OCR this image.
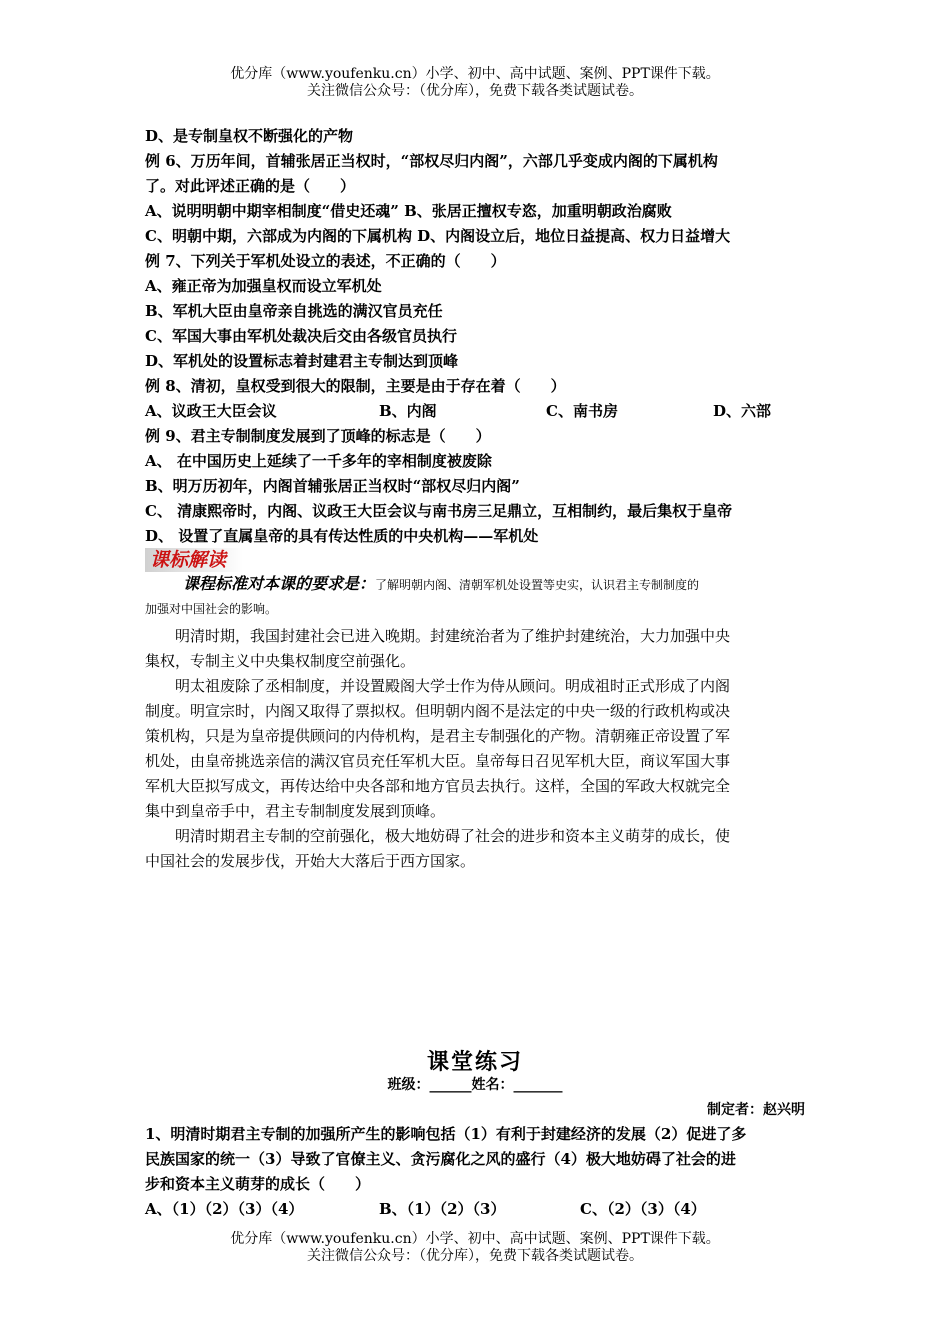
优分库（www.youfenku.cn）小学、初中、高中试题、案例、PPT课件下载。
关注微信公众号：（优分库），免费下载各类试题试卷。
D、是专制皇权不断强化的产物
例 6、万历年间，首辅张居正当权时，“部权尽归内阁”，六部几乎变成内阁的下属机构
了。对此评述正确的是（　　）
A、说明明朝中期宰相制度“借史还魂” B、张居正擅权专恣，加重明朝政治腐败
C、明朝中期，六部成为内阁的下属机构 D、内阁设立后，地位日益提高、权力日益增大
例 7、下列关于军机处设立的表述，不正确的（　　）
A、雍正帝为加强皇权而设立军机处
B、军机大臣由皇帝亲自挑选的满汉官员充任
C、军国大事由军机处裁决后交由各级官员执行
D、军机处的设置标志着封建君主专制达到顶峰
例 8、清初，皇权受到很大的限制，主要是由于存在着（　　）
A、议政王大臣会议	B、内阁	C、南书房	D、六部
例 9、君主专制制度发展到了顶峰的标志是（　　）
A、 在中国历史上延续了一千多年的宰相制度被废除
B、明万历初年，内阁首辅张居正当权时“部权尽归内阁”
C、 清康熙帝时，内阁、议政王大臣会议与南书房三足鼎立，互相制约，最后集权于皇帝
D、 设置了直属皇帝的具有传达性质的中央机构——军机处
课标解读
课程标准对本课的要求是：了解明朝内阁、清朝军机处设置等史实，认识君主专制制度的
加强对中国社会的影响。
　　明清时期，我国封建社会已进入晚期。封建统治者为了维护封建统治，大力加强中央
集权，专制主义中央集权制度空前强化。
　　明太祖废除了丞相制度，并设置殿阁大学士作为侍从顾问。明成祖时正式形成了内阁
制度。明宣宗时，内阁又取得了票拟权。但明朝内阁不是法定的中央一级的行政机构或决
策机构，只是为皇帝提供顾问的内侍机构，是君主专制强化的产物。清朝雍正帝设置了军
机处，由皇帝挑选亲信的满汉官员充任军机大臣。皇帝每日召见军机大臣，商议军国大事
军机大臣拟写成文，再传达给中央各部和地方官员去执行。这样，全国的军政大权就完全
集中到皇帝手中，君主专制制度发展到顶峰。
　　明清时期君主专制的空前强化，极大地妨碍了社会的进步和资本主义萌芽的成长，使
中国社会的发展步伐，开始大大落后于西方国家。
课堂练习
班级：______姓名：_______
制定者：赵兴明
1、明清时期君主专制的加强所产生的影响包括（1）有利于封建经济的发展（2）促进了多
民族国家的统一（3）导致了官僚主义、贪污腐化之风的盛行（4）极大地妨碍了社会的进
步和资本主义萌芽的成长（　　）
A、（1）（2）（3）（4）	B、（1）（2）（3）	C、（2）（3）（4）
优分库（www.youfenku.cn）小学、初中、高中试题、案例、PPT课件下载。
关注微信公众号：（优分库），免费下载各类试题试卷。
